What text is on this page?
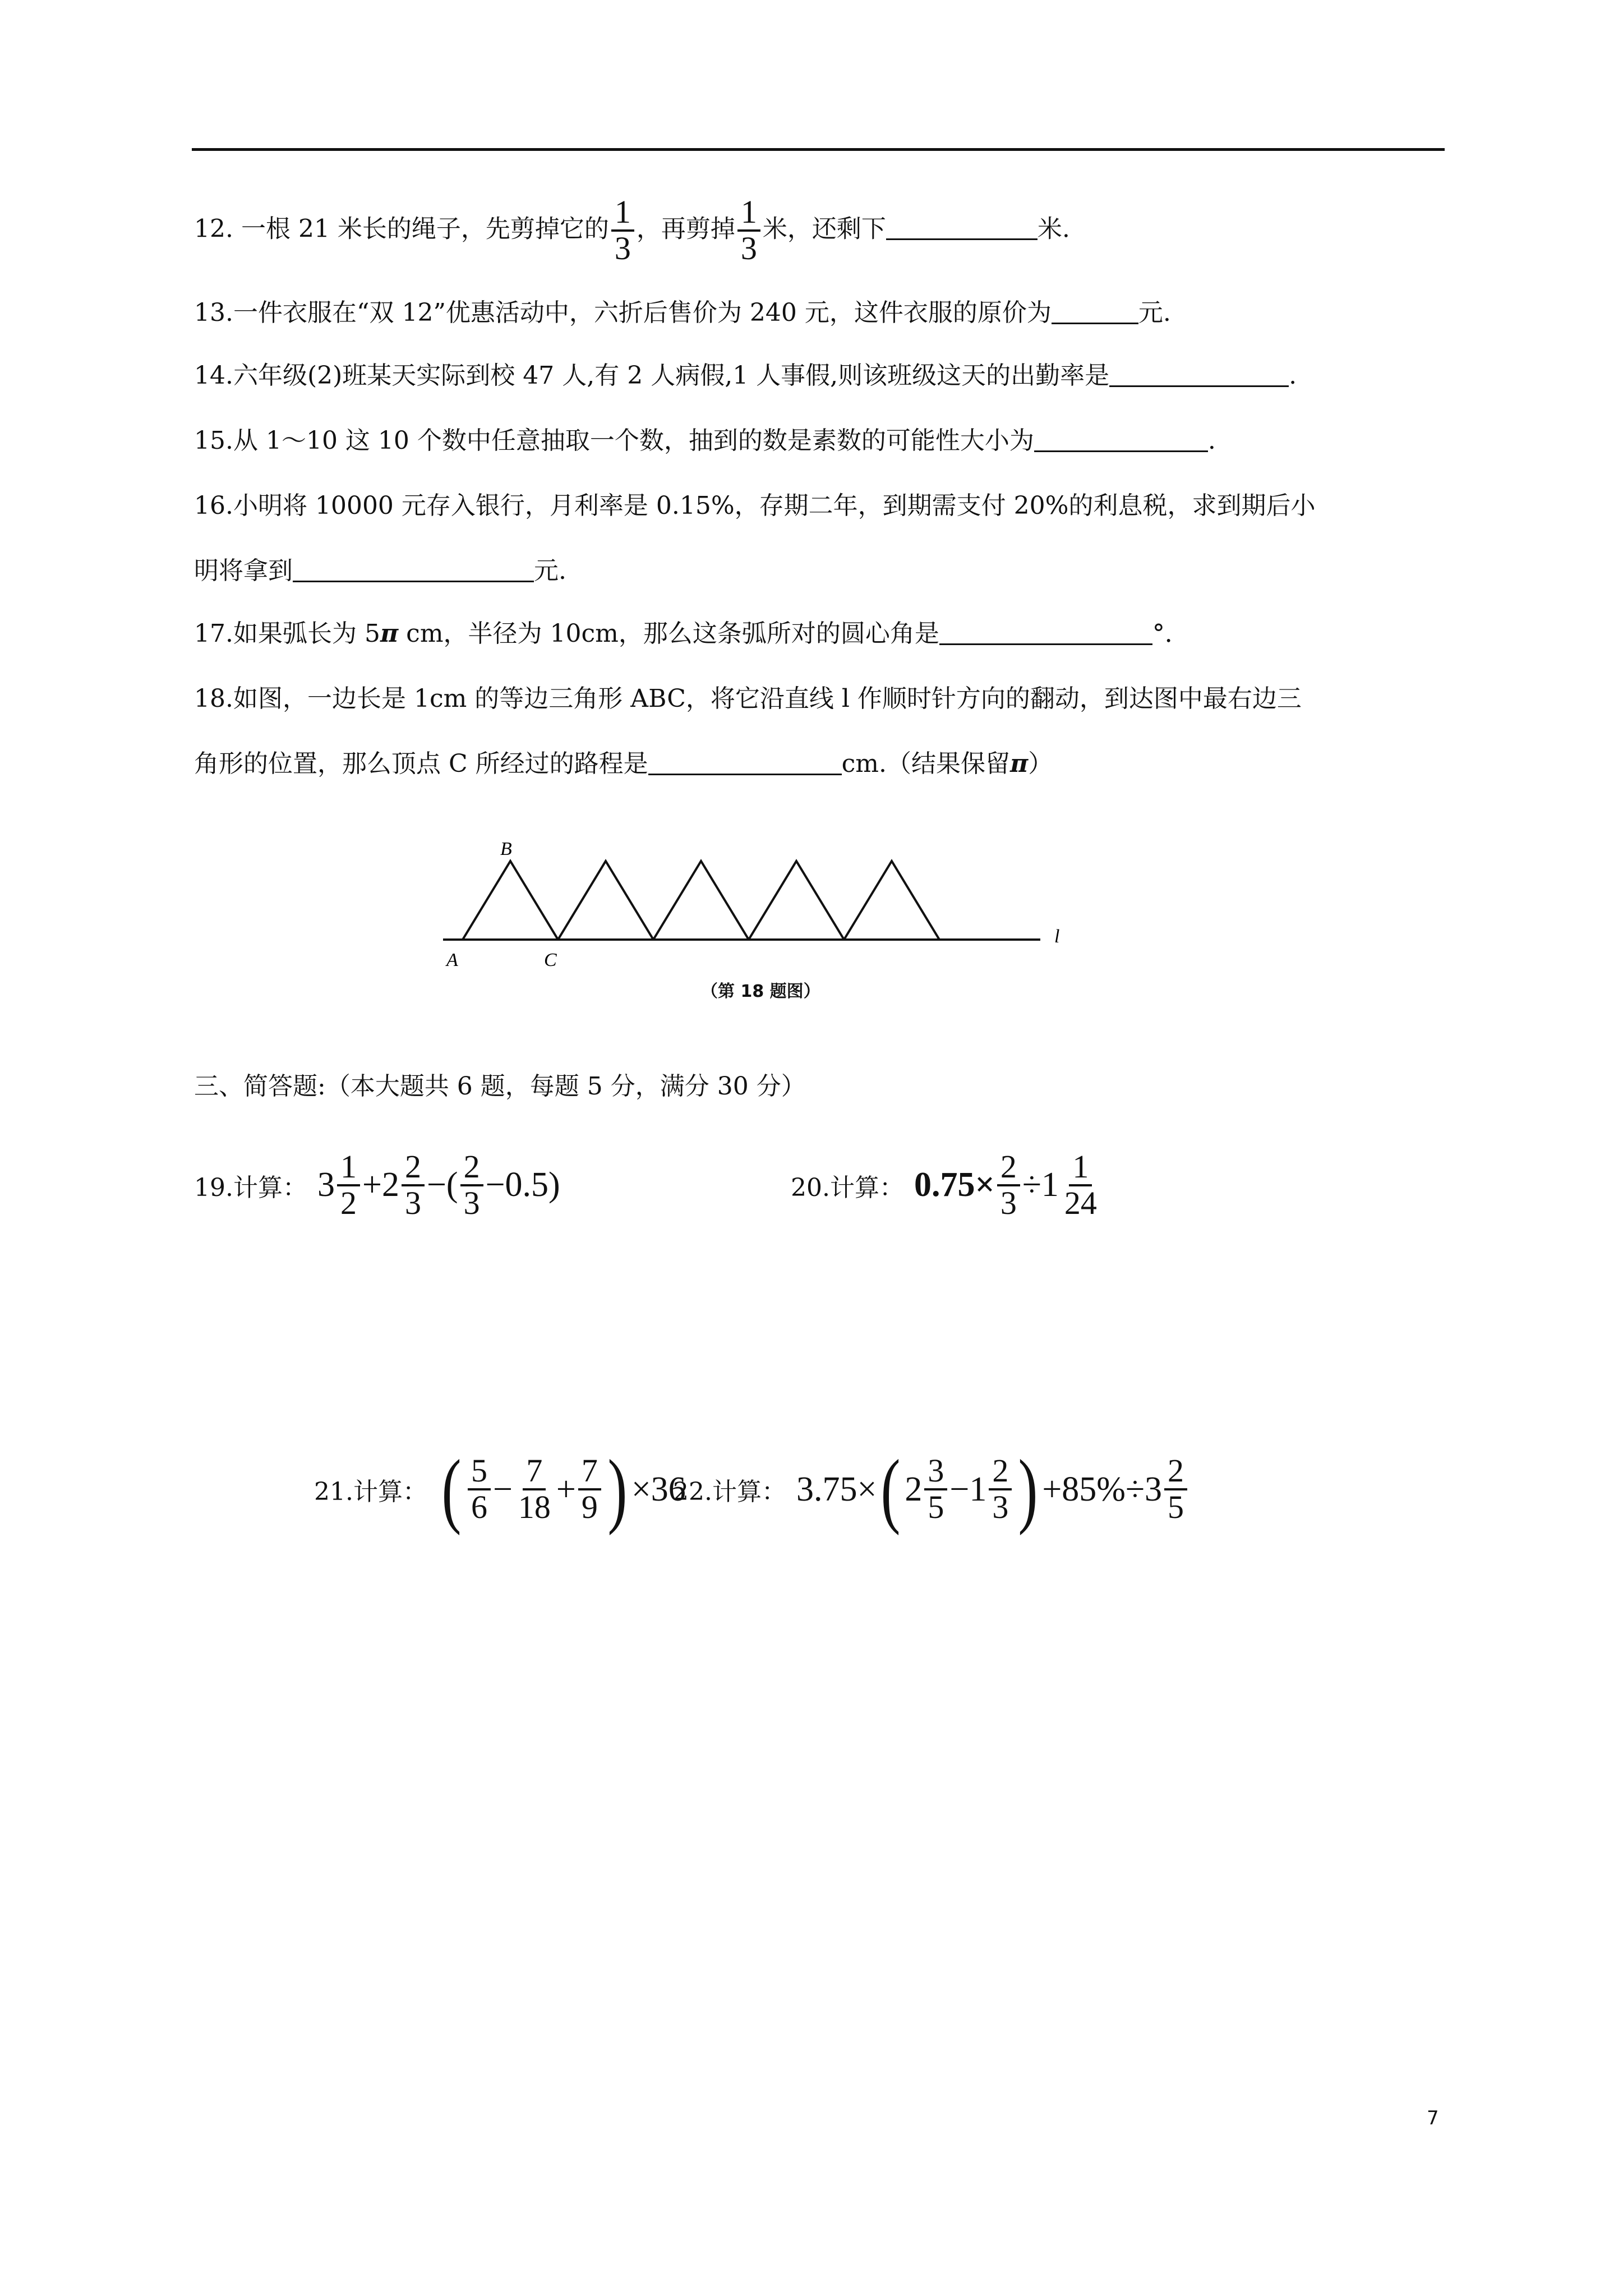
12. 一根 21 米长的绳子，先剪掉它的 $\frac{1}{3}$ ，再剪掉 $\frac{1}{3}$ 米，还剩下	米.
13.一件衣服在“双 12”优惠活动中，六折后售价为 240 元，这件衣服的原价为	元.
14.六年级(2)班某天实际到校 47 人,有 2 人病假,1 人事假,则该班级这天的出勤率是	.
15.从 1～10 这 10 个数中任意抽取一个数，抽到的数是素数的可能性大小为	.
16.小明将 10000 元存入银行，月利率是 0.15%，存期二年，到期需支付 20%的利息税，求到期后小
明将拿到	元.
17.如果弧长为 5π cm，半径为 10cm，那么这条弧所对的圆心角是	°．
18.如图，一边长是 1cm 的等边三角形 ABC，将它沿直线 l 作顺时针方向的翻动，到达图中最右边三
角形的位置，那么顶点 C 所经过的路程是	cm.（结果保留π）
B
A	C
l
（第 18 题图）
三、简答题:（本大题共 6 题，每题 5 分，满分 30 分）
19.计算： $3 \frac{1}{2} +2 \frac{2}{3}$ −( $\frac{2}{3} -0.5$)	20.计算： $0.75\times \frac{2}{3} \div 1 \frac{1}{24}$
21.计算： ( $\frac{5}{6} - \frac{7}{18} + \frac{7}{9}$ ) ×36
22.计算： 3.75× ( $2 \frac{3}{5} -1 \frac{2}{3}$ ) $+85\%\div 3 \frac{2}{5}$
7
